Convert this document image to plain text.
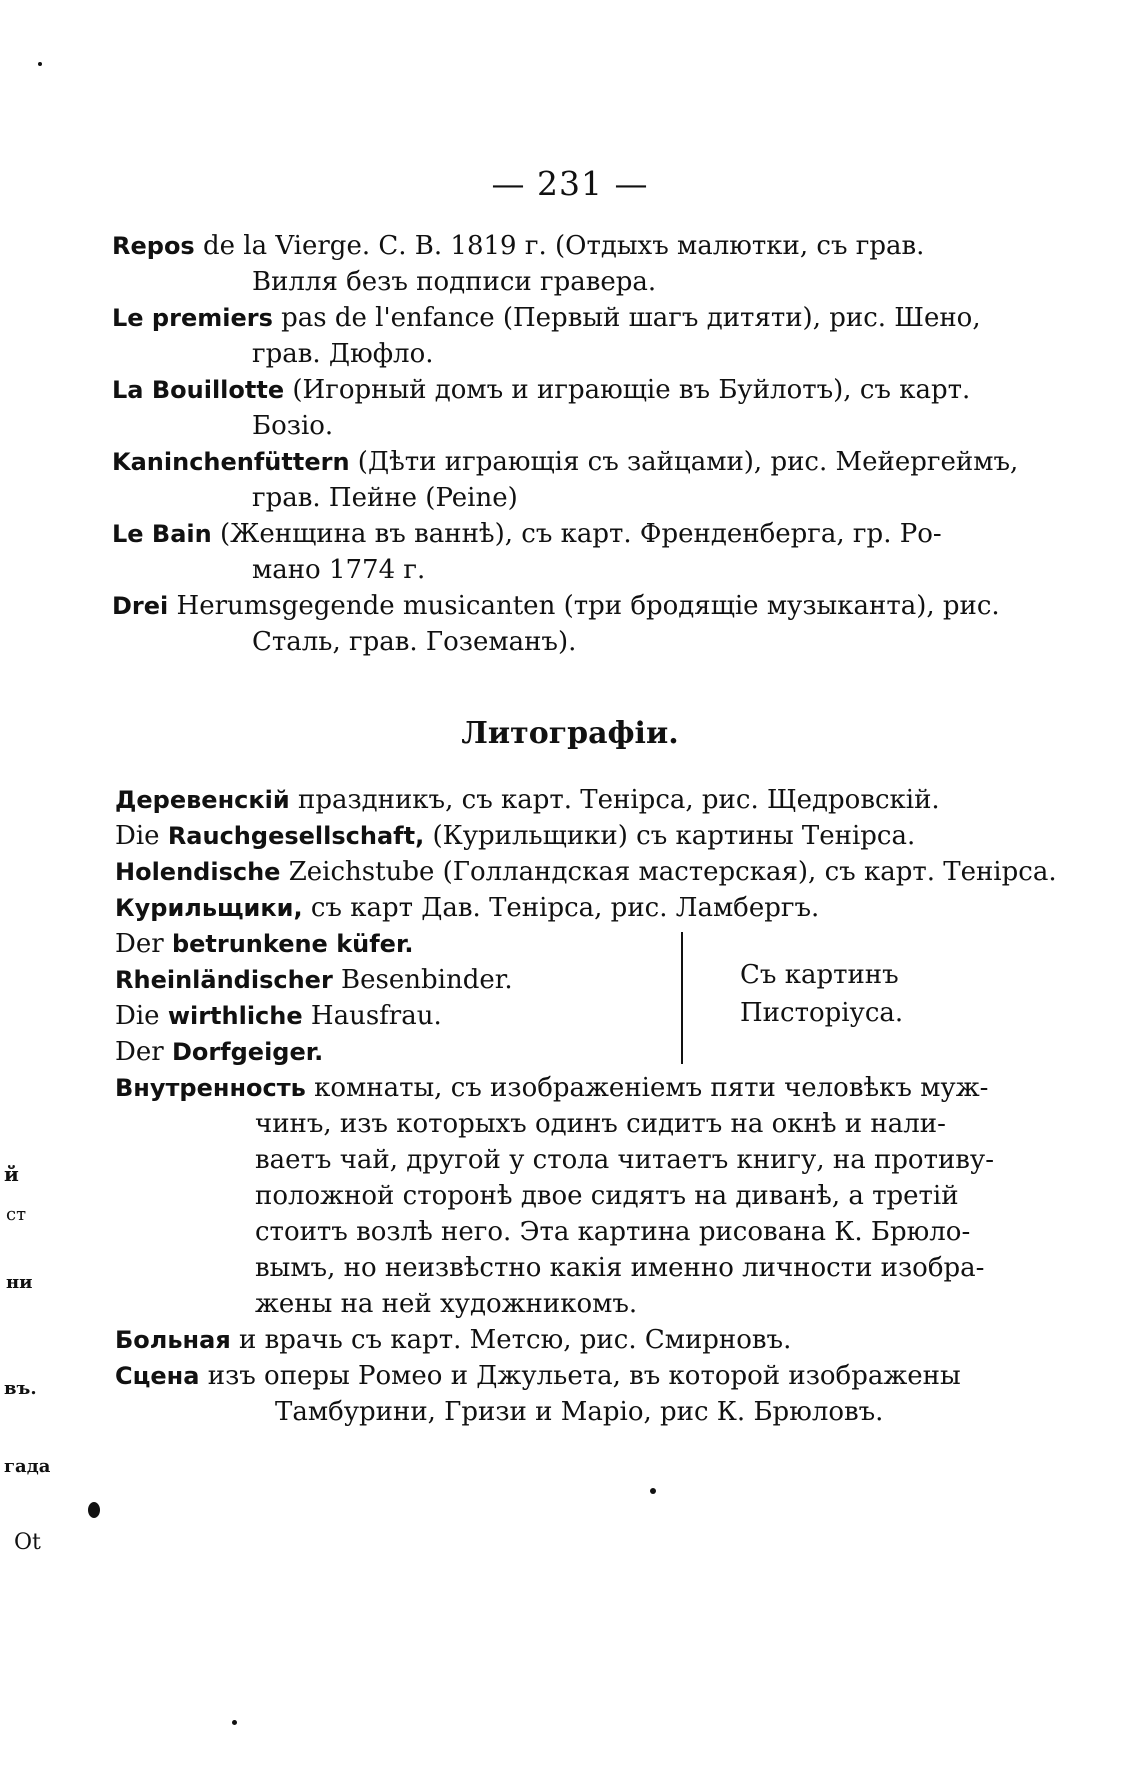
— 231 —
Repos de la Vierge. С. В. 1819 г. (Отдыхъ малютки, съ грав.
Вилля безъ подписи гравера.
Le premiers pas de l'enfance (Первый шагъ дитяти), рис. Шено,
грав. Дюфло.
La Bouillotte (Игорный домъ и играющіе въ Буйлотъ), съ карт.
Бозіо.
Kaninchenfüttern (Дѣти играющія съ зайцами), рис. Мейергеймъ,
грав. Пейне (Peine)
Le Bain (Женщина въ ваннѣ), съ карт. Френденберга, гр. Ро-
мано 1774 г.
Drei Herumsgegende musicanten (три бродящіе музыканта), рис.
Сталь, грав. Гоземанъ).
Литографіи.
Деревенскій праздникъ, съ карт. Тенірса, рис. Щедровскій.
Die Rauchgesellschaft, (Курильщики) съ картины Тенірса.
Holendische Zeichstube (Голландская мастерская), съ карт. Тенірса.
Курильщики, съ карт Дав. Тенірса, рис. Ламбергъ.
Der betrunkene küfer.
Rheinländischer Besenbinder.
Die wirthliche Hausfrau.
Der Dorfgeiger.
Съ картинъ
Пистоpіуса.
Внутренность комнаты, съ изображеніемъ пяти человѣкъ муж-
чинъ, изъ которыхъ одинъ сидитъ на окнѣ и нали-
ваетъ чай, другой у стола читаетъ книгу, на противу-
положной сторонѣ двое сидятъ на диванѣ, а третій
стоитъ возлѣ него. Эта картина рисована К. Брюло-
вымъ, но неизвѣстно какія именно личности изобра-
жены на ней художникомъ.
Больная и врачь съ карт. Метсю, рис. Смирновъ.
Сцена изъ оперы Ромео и Джульета, въ которой изображены
Тамбурини, Гризи и Маріо, рис К. Брюловъ.
й
ст
ни
въ.
гада
Ot
